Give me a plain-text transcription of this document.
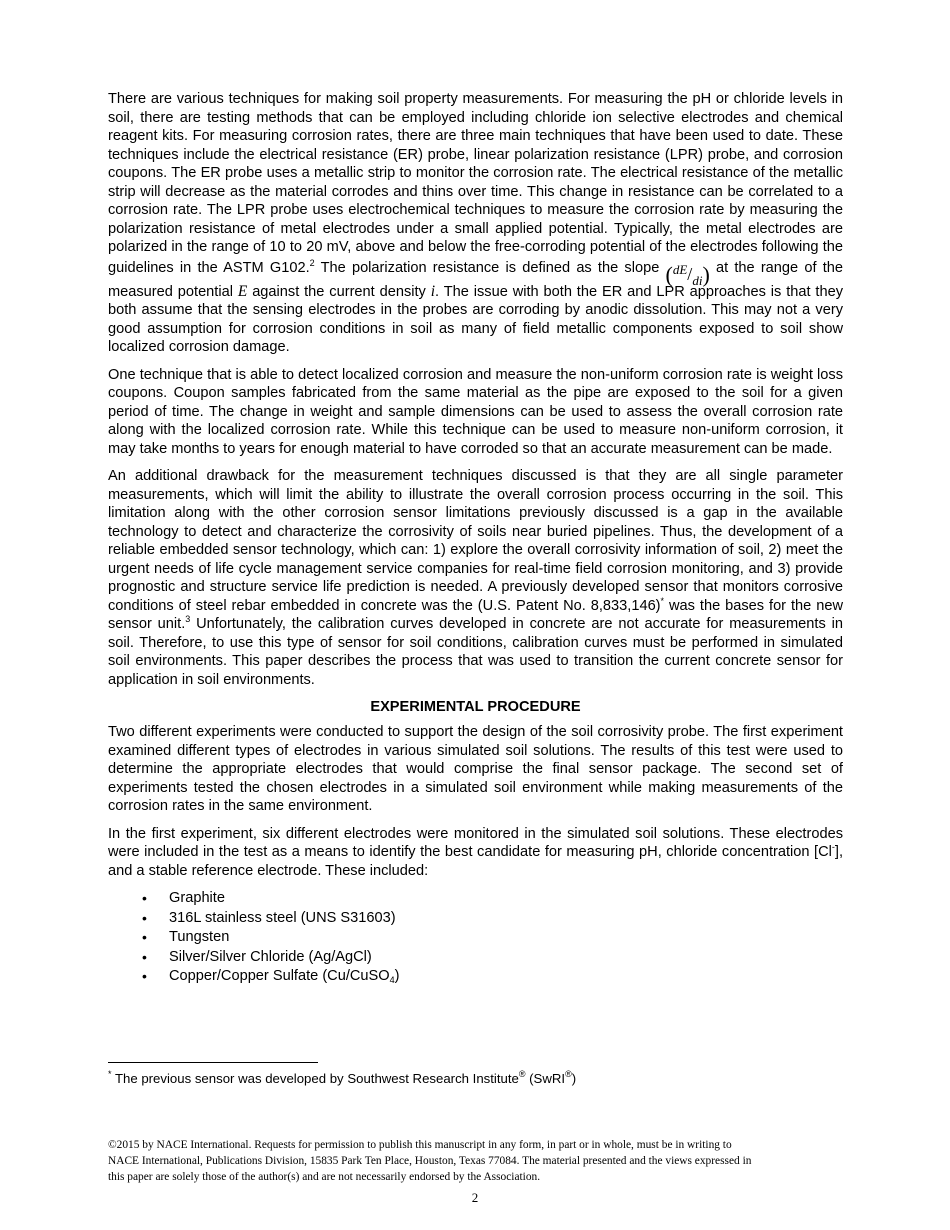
There are various techniques for making soil property measurements. For measuring the pH or chloride levels in soil, there are testing methods that can be employed including chloride ion selective electrodes and chemical reagent kits. For measuring corrosion rates, there are three main techniques that have been used to date. These techniques include the electrical resistance (ER) probe, linear polarization resistance (LPR) probe, and corrosion coupons. The ER probe uses a metallic strip to monitor the corrosion rate. The electrical resistance of the metallic strip will decrease as the material corrodes and thins over time. This change in resistance can be correlated to a corrosion rate. The LPR probe uses electrochemical techniques to measure the corrosion rate by measuring the polarization resistance of metal electrodes under a small applied potential. Typically, the metal electrodes are polarized in the range of 10 to 20 mV, above and below the free-corroding potential of the electrodes following the guidelines in the ASTM G102.$^2$ The polarization resistance is defined as the slope (dE/di) at the range of the measured potential E against the current density i. The issue with both the ER and LPR approaches is that they both assume that the sensing electrodes in the probes are corroding by anodic dissolution. This may not a very good assumption for corrosion conditions in soil as many of field metallic components exposed to soil show localized corrosion damage.

One technique that is able to detect localized corrosion and measure the non-uniform corrosion rate is weight loss coupons. Coupon samples fabricated from the same material as the pipe are exposed to the soil for a given period of time. The change in weight and sample dimensions can be used to assess the overall corrosion rate along with the localized corrosion rate. While this technique can be used to measure non-uniform corrosion, it may take months to years for enough material to have corroded so that an accurate measurement can be made.

An additional drawback for the measurement techniques discussed is that they are all single parameter measurements, which will limit the ability to illustrate the overall corrosion process occurring in the soil. This limitation along with the other corrosion sensor limitations previously discussed is a gap in the available technology to detect and characterize the corrosivity of soils near buried pipelines. Thus, the development of a reliable embedded sensor technology, which can: 1) explore the overall corrosivity information of soil, 2) meet the urgent needs of life cycle management service companies for real-time field corrosion monitoring, and 3) provide prognostic and structure service life prediction is needed. A previously developed sensor that monitors corrosive conditions of steel rebar embedded in concrete was the (U.S. Patent No. 8,833,146)* was the bases for the new sensor unit.$^3$ Unfortunately, the calibration curves developed in concrete are not accurate for measurements in soil. Therefore, to use this type of sensor for soil conditions, calibration curves must be performed in simulated soil environments. This paper describes the process that was used to transition the current concrete sensor for application in soil environments.

EXPERIMENTAL PROCEDURE

Two different experiments were conducted to support the design of the soil corrosivity probe. The first experiment examined different types of electrodes in various simulated soil solutions. The results of this test were used to determine the appropriate electrodes that would comprise the final sensor package. The second set of experiments tested the chosen electrodes in a simulated soil environment while making measurements of the corrosion rates in the same environment.

In the first experiment, six different electrodes were monitored in the simulated soil solutions. These electrodes were included in the test as a means to identify the best candidate for measuring pH, chloride concentration [Cl-], and a stable reference electrode. These included:

• Graphite
• 316L stainless steel (UNS S31603)
• Tungsten
• Silver/Silver Chloride (Ag/AgCl)
• Copper/Copper Sulfate (Cu/CuSO$_4$)
* The previous sensor was developed by Southwest Research Institute® (SwRI®)
©2015 by NACE International. Requests for permission to publish this manuscript in any form, in part or in whole, must be in writing to
NACE International, Publications Division, 15835 Park Ten Place, Houston, Texas 77084. The material presented and the views expressed in
this paper are solely those of the author(s) and are not necessarily endorsed by the Association.
2
